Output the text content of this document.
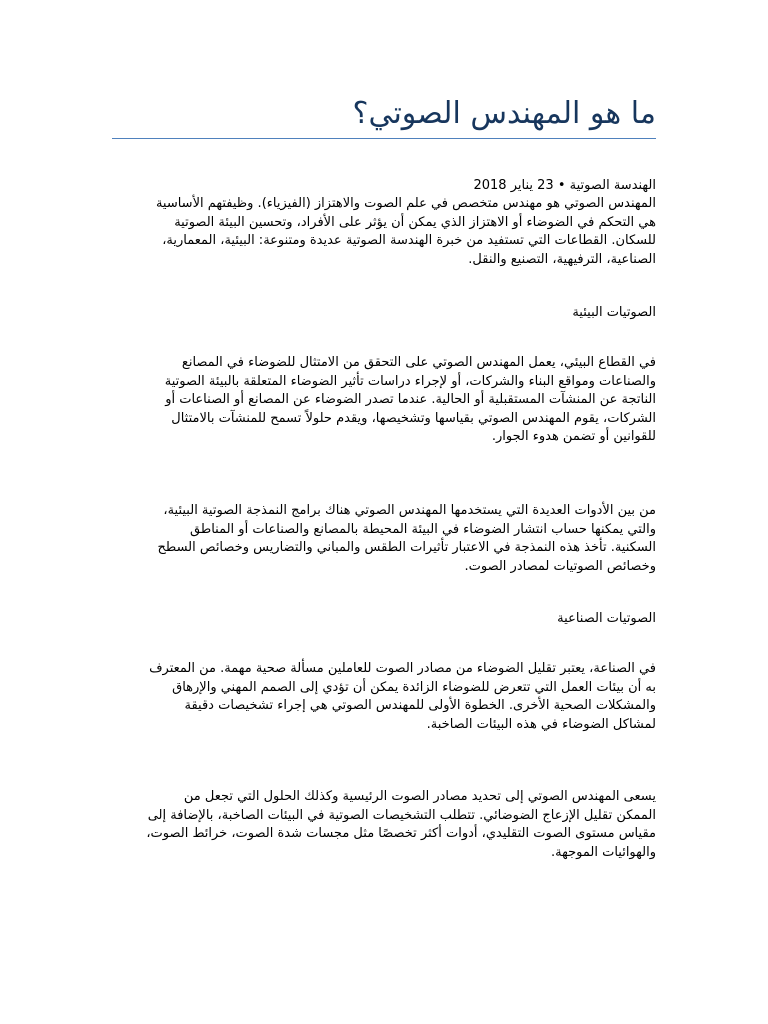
ما هو المهندس الصوتي؟
الهندسة الصوتية • 23 يناير 2018
المهندس الصوتي هو مهندس متخصص في علم الصوت والاهتزاز (الفيزياء). وظيفتهم الأساسية
هي التحكم في الضوضاء أو الاهتزاز الذي يمكن أن يؤثر على الأفراد، وتحسين البيئة الصوتية
للسكان. القطاعات التي تستفيد من خبرة الهندسة الصوتية عديدة ومتنوعة: البيئية، المعمارية،
الصناعية، الترفيهية، التصنيع والنقل.
الصوتيات البيئية
في القطاع البيئي، يعمل المهندس الصوتي على التحقق من الامتثال للضوضاء في المصانع
والصناعات ومواقع البناء والشركات، أو لإجراء دراسات تأثير الضوضاء المتعلقة بالبيئة الصوتية
الناتجة عن المنشآت المستقبلية أو الحالية. عندما تصدر الضوضاء عن المصانع أو الصناعات أو
الشركات، يقوم المهندس الصوتي بقياسها وتشخيصها، ويقدم حلولاً تسمح للمنشآت بالامتثال
للقوانين أو تضمن هدوء الجوار.
من بين الأدوات العديدة التي يستخدمها المهندس الصوتي هناك برامج النمذجة الصوتية البيئية،
والتي يمكنها حساب انتشار الضوضاء في البيئة المحيطة بالمصانع والصناعات أو المناطق
السكنية. تأخذ هذه النمذجة في الاعتبار تأثيرات الطقس والمباني والتضاريس وخصائص السطح
وخصائص الصوتيات لمصادر الصوت.
الصوتيات الصناعية
في الصناعة، يعتبر تقليل الضوضاء من مصادر الصوت للعاملين مسألة صحية مهمة. من المعترف
به أن بيئات العمل التي تتعرض للضوضاء الزائدة يمكن أن تؤدي إلى الصمم المهني والإرهاق
والمشكلات الصحية الأخرى. الخطوة الأولى للمهندس الصوتي هي إجراء تشخيصات دقيقة
لمشاكل الضوضاء في هذه البيئات الصاخبة.
يسعى المهندس الصوتي إلى تحديد مصادر الصوت الرئيسية وكذلك الحلول التي تجعل من
الممكن تقليل الإزعاج الضوضائي. تتطلب التشخيصات الصوتية في البيئات الصاخبة، بالإضافة إلى
مقياس مستوى الصوت التقليدي، أدوات أكثر تخصصًا مثل مجسات شدة الصوت، خرائط الصوت،
والهوائيات الموجهة.
